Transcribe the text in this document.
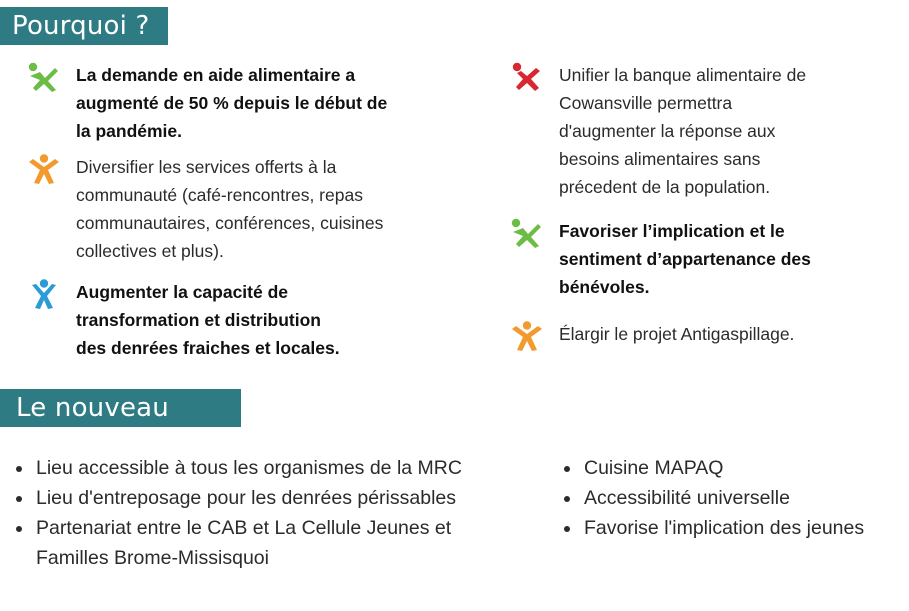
Pourquoi ?
La demande en aide alimentaire a
augmenté de 50 % depuis le début de
la pandémie.
Diversifier les services offerts à la
communauté (café-rencontres, repas
communautaires, conférences, cuisines
collectives et plus).
Augmenter la capacité de
transformation et distribution
des denrées fraiches et locales.
Unifier la banque alimentaire de
Cowansville permettra
d'augmenter la réponse aux
besoins alimentaires sans
précedent de la population.
Favoriser l’implication et le
sentiment d’appartenance des
bénévoles.
Élargir le projet Antigaspillage.
Le nouveau CAB
Lieu accessible à tous les organismes de la MRC
Lieu d'entreposage pour les denrées périssables
Partenariat entre le CAB et La Cellule Jeunes et Familles Brome-Missisquoi
Cuisine MAPAQ
Accessibilité universelle
Favorise l'implication des jeunes
